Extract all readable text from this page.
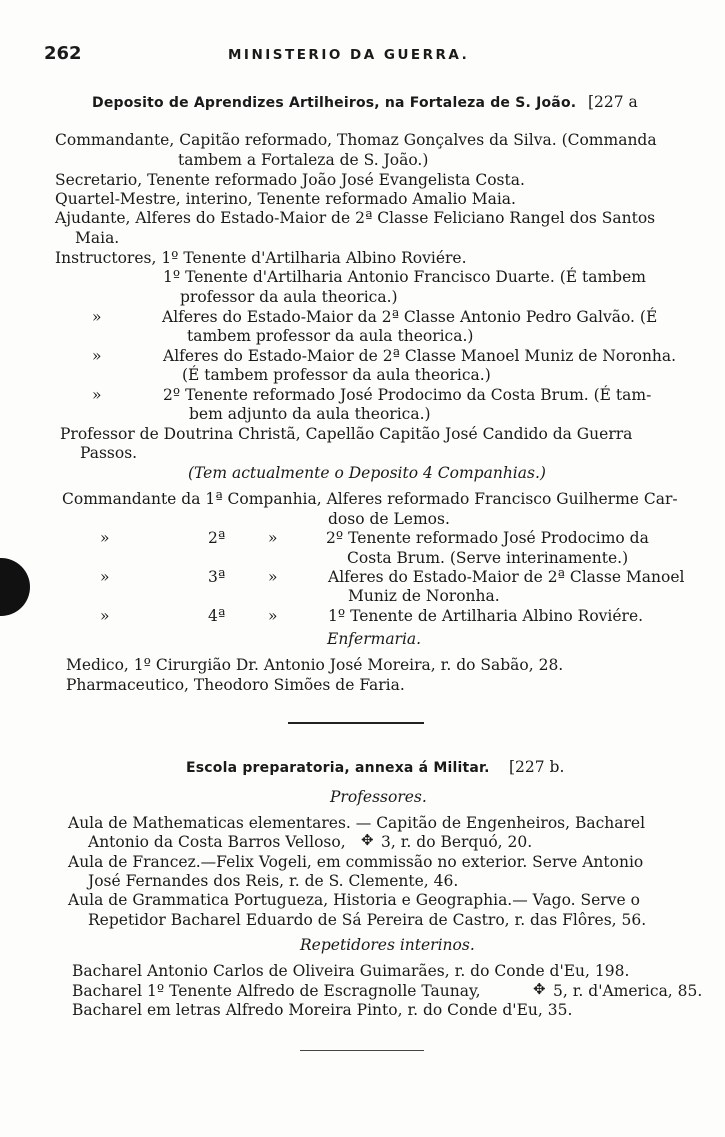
262	MINISTERIO DA GUERRA.
Deposito de Aprendizes Artilheiros, na Fortaleza de S. João. [227 a
Commandante, Capitão reformado, Thomaz Gonçalves da Silva. (Commanda
tambem a Fortaleza de S. João.)
Secretario, Tenente reformado João José Evangelista Costa.
Quartel-Mestre, interino, Tenente reformado Amalio Maia.
Ajudante, Alferes do Estado-Maior de 2ª Classe Feliciano Rangel dos Santos
Maia.
Instructores, 1º Tenente d'Artilharia Albino Roviére.
1º Tenente d'Artilharia Antonio Francisco Duarte. (É tambem
professor da aula theorica.)
»	Alferes do Estado-Maior da 2ª Classe Antonio Pedro Galvão. (É
tambem professor da aula theorica.)
»	Alferes do Estado-Maior de 2ª Classe Manoel Muniz de Noronha.
(É tambem professor da aula theorica.)
»	2º Tenente reformado José Prodocimo da Costa Brum. (É tam-
bem adjunto da aula theorica.)
Professor de Doutrina Christã, Capellão Capitão José Candido da Guerra
Passos.
(Tem actualmente o Deposito 4 Companhias.)
Commandante da 1ª Companhia, Alferes reformado Francisco Guilherme Car-
doso de Lemos.
»	2ª	»	2º Tenente reformado José Prodocimo da
Costa Brum. (Serve interinamente.)
»	3ª	»	Alferes do Estado-Maior de 2ª Classe Manoel
Muniz de Noronha.
»	4ª	»	1º Tenente de Artilharia Albino Roviére.
Enfermaria.
Medico, 1º Cirurgião Dr. Antonio José Moreira, r. do Sabão, 28.
Pharmaceutico, Theodoro Simões de Faria.
Escola preparatoria, annexa á Militar. [227 b.
Professores.
Aula de Mathematicas elementares. — Capitão de Engenheiros, Bacharel
Antonio da Costa Barros Velloso, ✥ 3, r. do Berquó, 20.
Aula de Francez.—Felix Vogeli, em commissão no exterior. Serve Antonio
José Fernandes dos Reis, r. de S. Clemente, 46.
Aula de Grammatica Portugueza, Historia e Geographia.— Vago. Serve o
Repetidor Bacharel Eduardo de Sá Pereira de Castro, r. das Flôres, 56.
Repetidores interinos.
Bacharel Antonio Carlos de Oliveira Guimarães, r. do Conde d'Eu, 198.
Bacharel 1º Tenente Alfredo de Escragnolle Taunay,	✥ 5, r. d'America, 85.
Bacharel em letras Alfredo Moreira Pinto, r. do Conde d'Eu, 35.
